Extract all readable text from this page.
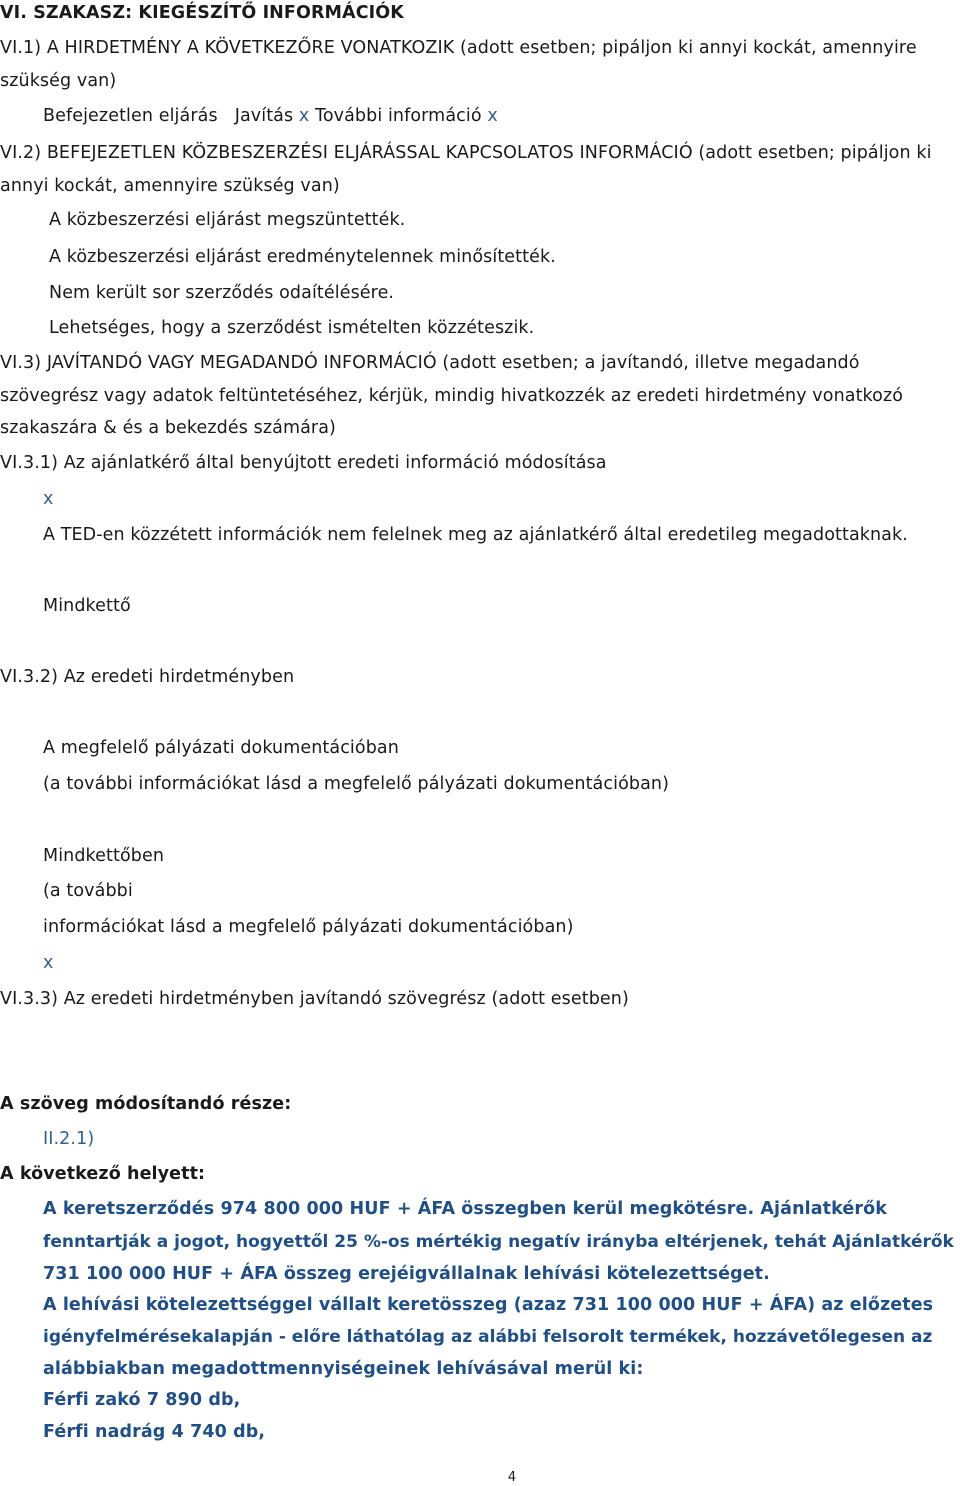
VI. SZAKASZ: KIEGÉSZÍTŐ INFORMÁCIÓK
VI.1) A HIRDETMÉNY A KÖVETKEZŐRE VONATKOZIK (adott esetben; pipáljon ki annyi kockát, amennyire
szükség van)
Befejezetlen eljárás Javítás x További információ x
VI.2) BEFEJEZETLEN KÖZBESZERZÉSI ELJÁRÁSSAL KAPCSOLATOS INFORMÁCIÓ (adott esetben; pipáljon ki
annyi kockát, amennyire szükség van)
A közbeszerzési eljárást megszüntették.
A közbeszerzési eljárást eredménytelennek minősítették.
Nem került sor szerződés odaítélésére.
Lehetséges, hogy a szerződést ismételten közzéteszik.
VI.3) JAVÍTANDÓ VAGY MEGADANDÓ INFORMÁCIÓ (adott esetben; a javítandó, illetve megadandó
szövegrész vagy adatok feltüntetéséhez, kérjük, mindig hivatkozzék az eredeti hirdetmény vonatkozó
szakaszára & és a bekezdés számára)
VI.3.1) Az ajánlatkérő által benyújtott eredeti információ módosítása
x
A TED-en közzétett információk nem felelnek meg az ajánlatkérő által eredetileg megadottaknak.
Mindkettő
VI.3.2) Az eredeti hirdetményben
A megfelelő pályázati dokumentációban
(a további információkat lásd a megfelelő pályázati dokumentációban)
Mindkettőben
(a további
információkat lásd a megfelelő pályázati dokumentációban)
x
VI.3.3) Az eredeti hirdetményben javítandó szövegrész (adott esetben)
A szöveg módosítandó része:
II.2.1)
A következő helyett:
A keretszerződés 974 800 000 HUF + ÁFA összegben kerül megkötésre. Ajánlatkérők
fenntartják a jogot, hogyettől 25 %-os mértékig negatív irányba eltérjenek, tehát Ajánlatkérők
731 100 000 HUF + ÁFA összeg erejéigvállalnak lehívási kötelezettséget.
A lehívási kötelezettséggel vállalt keretösszeg (azaz 731 100 000 HUF + ÁFA) az előzetes
igényfelmérésekalapján - előre láthatólag az alábbi felsorolt termékek, hozzávetőlegesen az
alábbiakban megadottmennyiségeinek lehívásával merül ki:
Férfi zakó 7 890 db,
Férfi nadrág 4 740 db,
4
